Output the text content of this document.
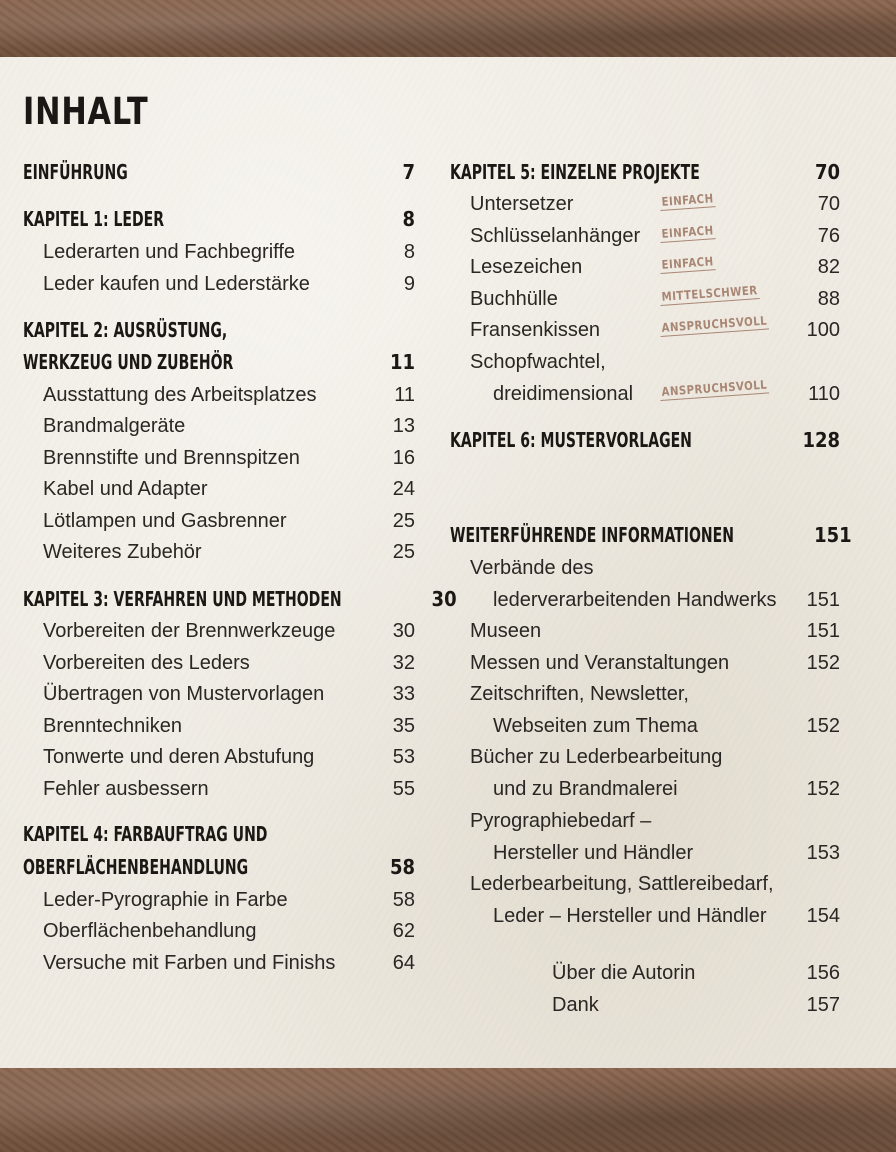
INHALT
EINFÜHRUNG	7
KAPITEL 1: LEDER	8
Lederarten und Fachbegriffe	8
Leder kaufen und Lederstärke	9
KAPITEL 2: AUSRÜSTUNG,
WERKZEUG UND ZUBEHÖR	11
Ausstattung des Arbeitsplatzes	11
Brandmalgeräte	13
Brennstifte und Brennspitzen	16
Kabel und Adapter	24
Lötlampen und Gasbrenner	25
Weiteres Zubehör	25
KAPITEL 3: VERFAHREN UND METHODEN	30
Vorbereiten der Brennwerkzeuge	30
Vorbereiten des Leders	32
Übertragen von Mustervorlagen	33
Brenntechniken	35
Tonwerte und deren Abstufung	53
Fehler ausbessern	55
KAPITEL 4: FARBAUFTRAG UND
OBERFLÄCHENBEHANDLUNG	58
Leder-Pyrographie in Farbe	58
Oberflächenbehandlung	62
Versuche mit Farben und Finishs	64
KAPITEL 5: EINZELNE PROJEKTE	70
Untersetzer	EINFACH	70
Schlüsselanhänger EINFACH	76
Lesezeichen	EINFACH	82
Buchhülle	MITTELSCHWER	88
Fransenkissen	ANSPRUCHSVOLL 100
Schopfwachtel,
dreidimensional ANSPRUCHSVOLL 110
KAPITEL 6: MUSTERVORLAGEN	128
WEITERFÜHRENDE INFORMATIONEN	151
Verbände des
lederverarbeitenden Handwerks 151
Museen	151
Messen und Veranstaltungen	152
Zeitschriften, Newsletter,
Webseiten zum Thema	152
Bücher zu Lederbearbeitung
und zu Brandmalerei	152
Pyrographiebedarf –
Hersteller und Händler	153
Lederbearbeitung, Sattlereibedarf,
Leder – Hersteller und Händler 154
Über die Autorin	156
Dank	157
